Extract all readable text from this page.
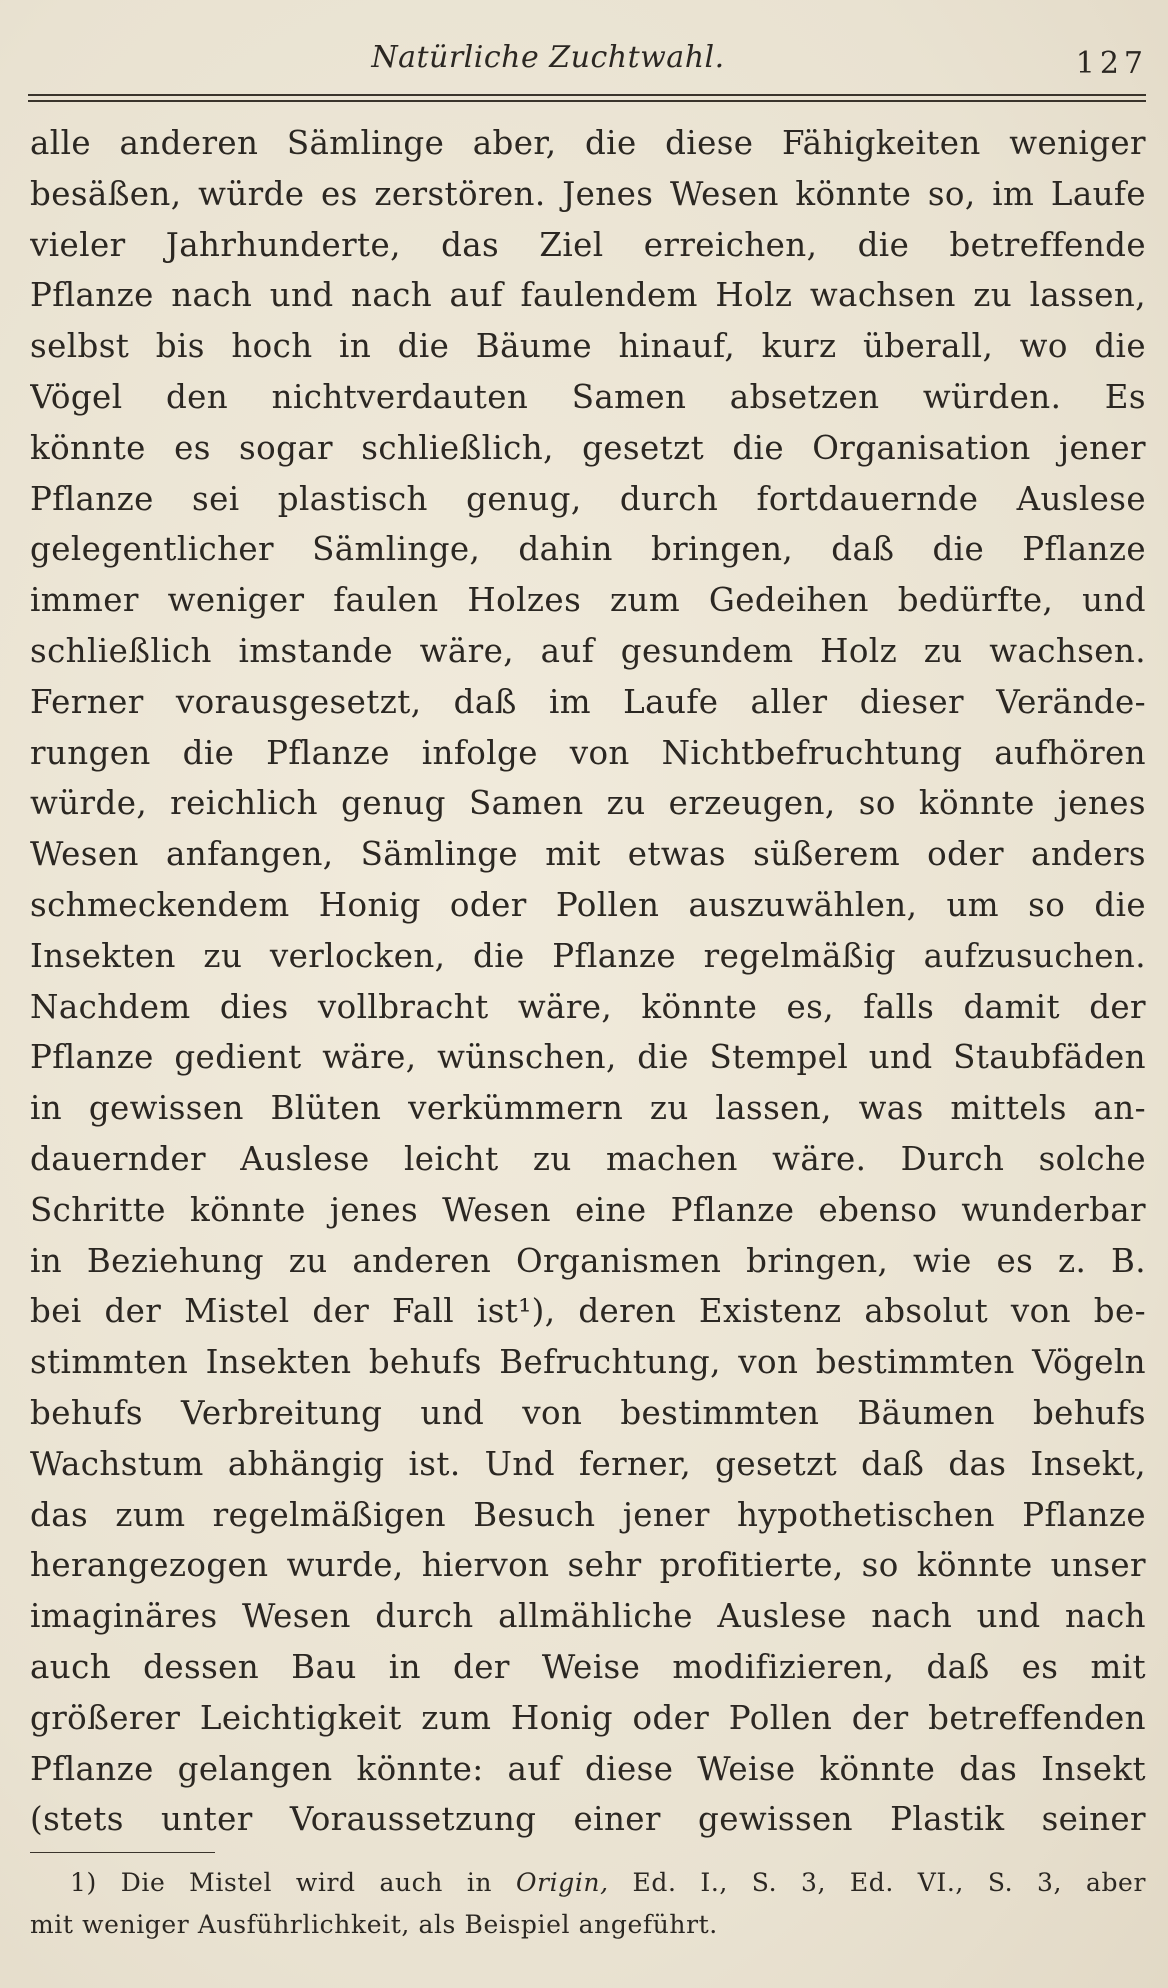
Natürliche Zuchtwahl.	127
alle anderen Sämlinge aber, die diese Fähigkeiten weniger
besäßen, würde es zerstören. Jenes Wesen könnte so, im Laufe
vieler Jahrhunderte, das Ziel erreichen, die betreffende
Pflanze nach und nach auf faulendem Holz wachsen zu lassen,
selbst bis hoch in die Bäume hinauf, kurz überall, wo die
Vögel den nichtverdauten Samen absetzen würden. Es
könnte es sogar schließlich, gesetzt die Organisation jener
Pflanze sei plastisch genug, durch fortdauernde Auslese
gelegentlicher Sämlinge, dahin bringen, daß die Pflanze
immer weniger faulen Holzes zum Gedeihen bedürfte, und
schließlich imstande wäre, auf gesundem Holz zu wachsen.
Ferner vorausgesetzt, daß im Laufe aller dieser Verände-
rungen die Pflanze infolge von Nichtbefruchtung aufhören
würde, reichlich genug Samen zu erzeugen, so könnte jenes
Wesen anfangen, Sämlinge mit etwas süßerem oder anders
schmeckendem Honig oder Pollen auszuwählen, um so die
Insekten zu verlocken, die Pflanze regelmäßig aufzusuchen.
Nachdem dies vollbracht wäre, könnte es, falls damit der
Pflanze gedient wäre, wünschen, die Stempel und Staubfäden
in gewissen Blüten verkümmern zu lassen, was mittels an-
dauernder Auslese leicht zu machen wäre. Durch solche
Schritte könnte jenes Wesen eine Pflanze ebenso wunderbar
in Beziehung zu anderen Organismen bringen, wie es z. B.
bei der Mistel der Fall ist¹), deren Existenz absolut von be-
stimmten Insekten behufs Befruchtung, von bestimmten Vögeln
behufs Verbreitung und von bestimmten Bäumen behufs
Wachstum abhängig ist. Und ferner, gesetzt daß das Insekt,
das zum regelmäßigen Besuch jener hypothetischen Pflanze
herangezogen wurde, hiervon sehr profitierte, so könnte unser
imaginäres Wesen durch allmähliche Auslese nach und nach
auch dessen Bau in der Weise modifizieren, daß es mit
größerer Leichtigkeit zum Honig oder Pollen der betreffenden
Pflanze gelangen könnte: auf diese Weise könnte das Insekt
(stets unter Voraussetzung einer gewissen Plastik seiner
1) Die Mistel wird auch in Origin, Ed. I., S. 3, Ed. VI., S. 3, aber
mit weniger Ausführlichkeit, als Beispiel angeführt.
